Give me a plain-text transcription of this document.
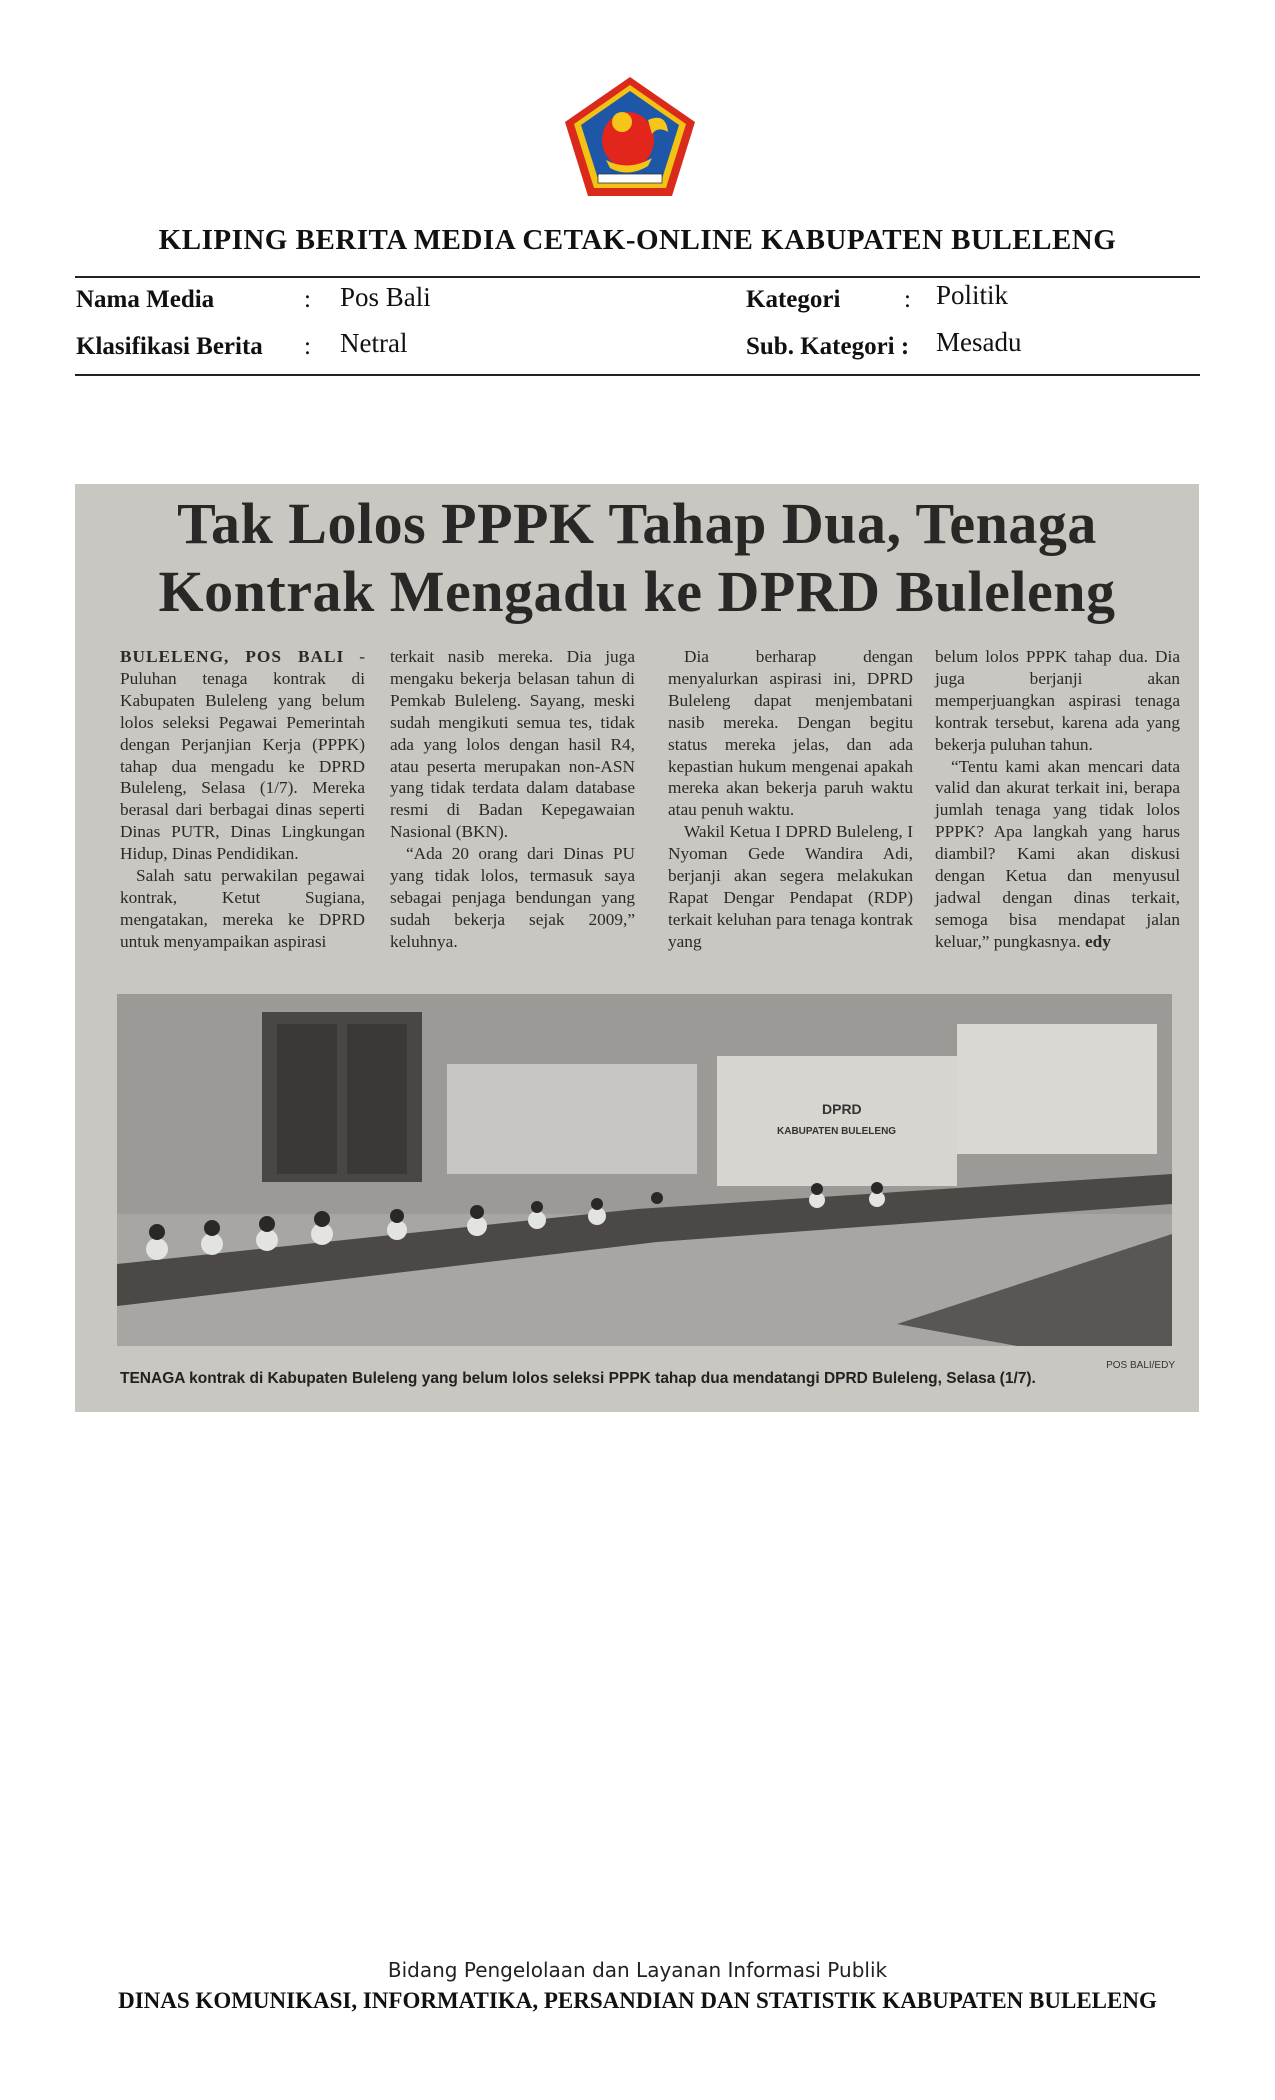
KLIPING BERITA MEDIA CETAK-ONLINE KABUPATEN BULELENG
Nama Media	: Pos Bali	Kategori	: Politik
Klasifikasi Berita : Netral	Sub. Kategori : Mesadu
Tak Lolos PPPK Tahap Dua, Tenaga
Kontrak Mengadu ke DPRD Buleleng

BULELENG, POS BALI - Puluhan tenaga kontrak di Kabupaten Buleleng yang belum lolos seleksi Pegawai Pemerintah dengan Perjanjian Kerja (PPPK) tahap dua mengadu ke DPRD Buleleng, Selasa (1/7). Mereka berasal dari berbagai dinas seperti Dinas PUTR, Dinas Lingkungan Hidup, Dinas Pendidikan.

Salah satu perwakilan pegawai kontrak, Ketut Sugiana, mengatakan, mereka ke DPRD untuk menyampaikan aspirasi

terkait nasib mereka. Dia juga mengaku bekerja belasan tahun di Pemkab Buleleng. Sayang, meski sudah mengikuti semua tes, tidak ada yang lolos dengan hasil R4, atau peserta merupakan non-ASN yang tidak terdata dalam database resmi di Badan Kepegawaian Nasional (BKN).

“Ada 20 orang dari Dinas PU yang tidak lolos, termasuk saya sebagai penjaga bendungan yang sudah bekerja sejak 2009,” keluhnya.

Dia berharap dengan menyalurkan aspirasi ini, DPRD Buleleng dapat menjembatani nasib mereka. Dengan begitu status mereka jelas, dan ada kepastian hukum mengenai apakah mereka akan bekerja paruh waktu atau penuh waktu.

Wakil Ketua I DPRD Buleleng, I Nyoman Gede Wandira Adi, berjanji akan segera melakukan Rapat Dengar Pendapat (RDP) terkait keluhan para tenaga kontrak yang

belum lolos PPPK tahap dua. Dia juga berjanji akan memperjuangkan aspirasi tenaga kontrak tersebut, karena ada yang bekerja puluhan tahun.

“Tentu kami akan mencari data valid dan akurat terkait ini, berapa jumlah tenaga yang tidak lolos PPPK? Apa langkah yang harus diambil? Kami akan diskusi dengan Ketua dan menyusul jadwal dengan dinas terkait, semoga bisa mendapat jalan keluar,” pungkasnya. edy

DPRD
KABUPATEN BULELENG
POS BALI/EDY
TENAGA kontrak di Kabupaten Buleleng yang belum lolos seleksi PPPK tahap dua mendatangi DPRD Buleleng, Selasa (1/7).
Bidang Pengelolaan dan Layanan Informasi Publik
DINAS KOMUNIKASI, INFORMATIKA, PERSANDIAN DAN STATISTIK KABUPATEN BULELENG
